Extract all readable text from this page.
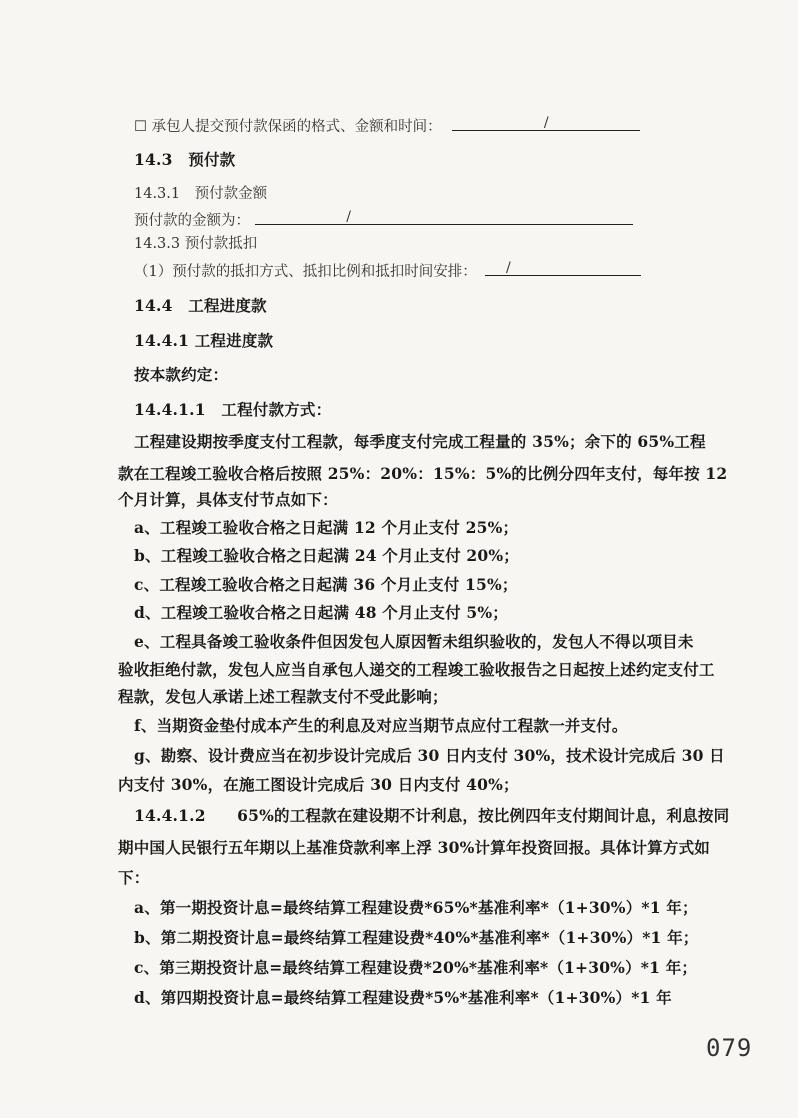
☐ 承包人提交预付款保函的格式、金额和时间：	/
14.3　预付款
14.3.1　预付款金额
预付款的金额为：	/
14.3.3 预付款抵扣
（1）预付款的抵扣方式、抵扣比例和抵扣时间安排：	/
14.4　工程进度款
14.4.1 工程进度款
按本款约定：
14.4.1.1　工程付款方式：
工程建设期按季度支付工程款，每季度支付完成工程量的 35%；余下的 65%工程
款在工程竣工验收合格后按照 25%：20%：15%：5%的比例分四年支付，每年按 12
个月计算，具体支付节点如下：
a、工程竣工验收合格之日起满 12 个月止支付 25%；
b、工程竣工验收合格之日起满 24 个月止支付 20%；
c、工程竣工验收合格之日起满 36 个月止支付 15%；
d、工程竣工验收合格之日起满 48 个月止支付 5%；
e、工程具备竣工验收条件但因发包人原因暂未组织验收的，发包人不得以项目未
验收拒绝付款，发包人应当自承包人递交的工程竣工验收报告之日起按上述约定支付工
程款，发包人承诺上述工程款支付不受此影响；
f、当期资金垫付成本产生的利息及对应当期节点应付工程款一并支付。
g、勘察、设计费应当在初步设计完成后 30 日内支付 30%，技术设计完成后 30 日
内支付 30%，在施工图设计完成后 30 日内支付 40%；
14.4.1.2　　65%的工程款在建设期不计利息，按比例四年支付期间计息，利息按同
期中国人民银行五年期以上基准贷款利率上浮 30%计算年投资回报。具体计算方式如
下：
a、第一期投资计息=最终结算工程建设费*65%*基准利率*（1+30%）*1 年；
b、第二期投资计息=最终结算工程建设费*40%*基准利率*（1+30%）*1 年；
c、第三期投资计息=最终结算工程建设费*20%*基准利率*（1+30%）*1 年；
d、第四期投资计息=最终结算工程建设费*5%*基准利率*（1+30%）*1 年
079
